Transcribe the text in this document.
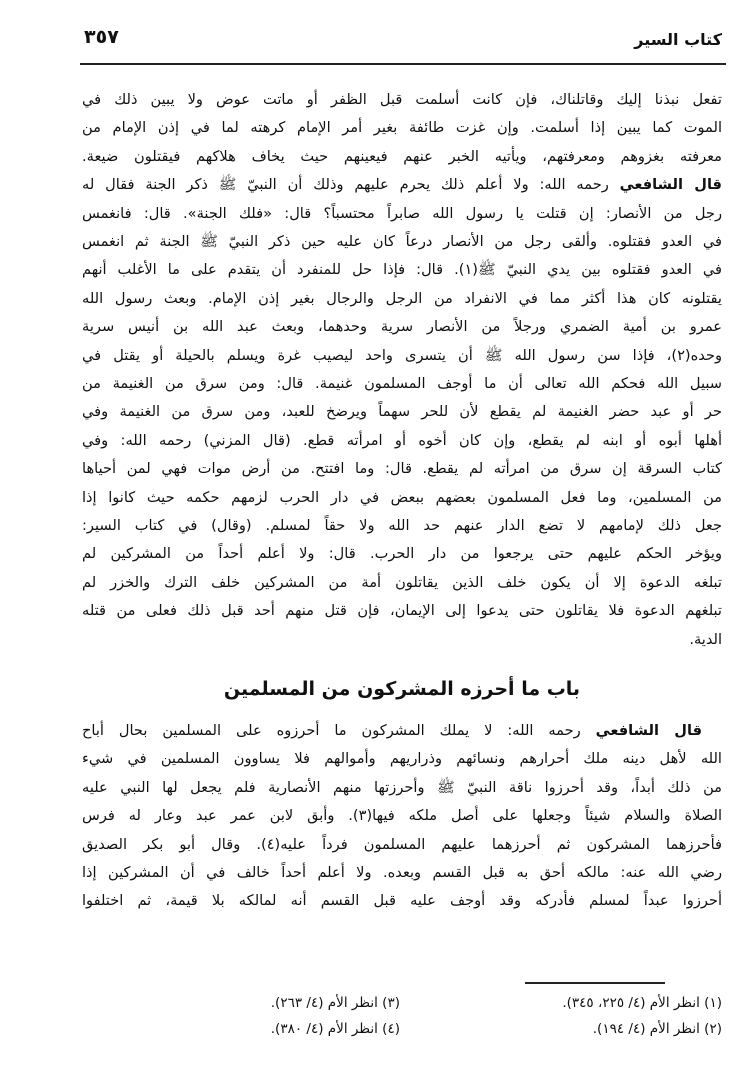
كتاب السير
٣٥٧
تفعل نبذنا إليك وقاتلناك، فإن كانت أسلمت قبل الظفر أو ماتت عوض ولا يبين ذلك في
الموت كما يبين إذا أسلمت. وإن غزت طائفة بغير أمر الإمام كرهته لما في إذن الإمام من
معرفته بغزوهم ومعرفتهم، ويأتيه الخبر عنهم فيعينهم حيث يخاف هلاكهم فيقتلون ضيعة.
قال الشافعي رحمه الله: ولا أعلم ذلك يحرم عليهم وذلك أن النبيّ ﷺ ذكر الجنة فقال له
رجل من الأنصار: إن قتلت يا رسول الله صابراً محتسباً؟ قال: «فلك الجنة». قال: فانغمس
في العدو فقتلوه. وألقى رجل من الأنصار درعاً كان عليه حين ذكر النبيّ ﷺ الجنة ثم انغمس
في العدو فقتلوه بين يدي النبيّ ﷺ(١). قال: فإذا حل للمنفرد أن يتقدم على ما الأغلب أنهم
يقتلونه كان هذا أكثر مما في الانفراد من الرجل والرجال بغير إذن الإمام. وبعث رسول الله
عمرو بن أمية الضمري ورجلاً من الأنصار سرية وحدهما، وبعث عبد الله بن أنيس سرية
وحده(٢)، فإذا سن رسول الله ﷺ أن يتسرى واحد ليصيب غرة ويسلم بالحيلة أو يقتل في
سبيل الله فحكم الله تعالى أن ما أوجف المسلمون غنيمة. قال: ومن سرق من الغنيمة من
حر أو عبد حضر الغنيمة لم يقطع لأن للحر سهماً ويرضخ للعبد، ومن سرق من الغنيمة وفي
أهلها أبوه أو ابنه لم يقطع، وإن كان أخوه أو امرأته قطع. (قال المزني) رحمه الله: وفي
كتاب السرقة إن سرق من امرأته لم يقطع. قال: وما افتتح. من أرض موات فهي لمن أحياها
من المسلمين، وما فعل المسلمون بعضهم ببعض في دار الحرب لزمهم حكمه حيث كانوا إذا
جعل ذلك لإمامهم لا تضع الدار عنهم حد الله ولا حقاً لمسلم. (وقال) في كتاب السير:
ويؤخر الحكم عليهم حتى يرجعوا من دار الحرب. قال: ولا أعلم أحداً من المشركين لم
تبلغه الدعوة إلا أن يكون خلف الذين يقاتلون أمة من المشركين خلف الترك والخزر لم
تبلغهم الدعوة فلا يقاتلون حتى يدعوا إلى الإيمان، فإن قتل منهم أحد قبل ذلك فعلى من قتله
الدية.
باب ما أحرزه المشركون من المسلمين
قال الشافعي رحمه الله: لا يملك المشركون ما أحرزوه على المسلمين بحال أباح
الله لأهل دينه ملك أحرارهم ونسائهم وذراريهم وأموالهم فلا يساوون المسلمين في شيء
من ذلك أبداً، وقد أحرزوا ناقة النبيّ ﷺ وأحرزتها منهم الأنصارية فلم يجعل لها النبي عليه
الصلاة والسلام شيئاً وجعلها على أصل ملكه فيها(٣). وأبق لابن عمر عبد وعار له فرس
فأحرزهما المشركون ثم أحرزهما عليهم المسلمون فرداً عليه(٤). وقال أبو بكر الصديق
رضي الله عنه: مالكه أحق به قبل القسم وبعده. ولا أعلم أحداً خالف في أن المشركين إذا
أحرزوا عبداً لمسلم فأدركه وقد أوجف عليه قبل القسم أنه لمالكه بلا قيمة، ثم اختلفوا
(١) انظر الأم (٤/ ٢٢٥، ٣٤٥).
(٢) انظر الأم (٤/ ١٩٤).
(٣) انظر الأم (٤/ ٢٦٣).
(٤) انظر الأم (٤/ ٣٨٠).
